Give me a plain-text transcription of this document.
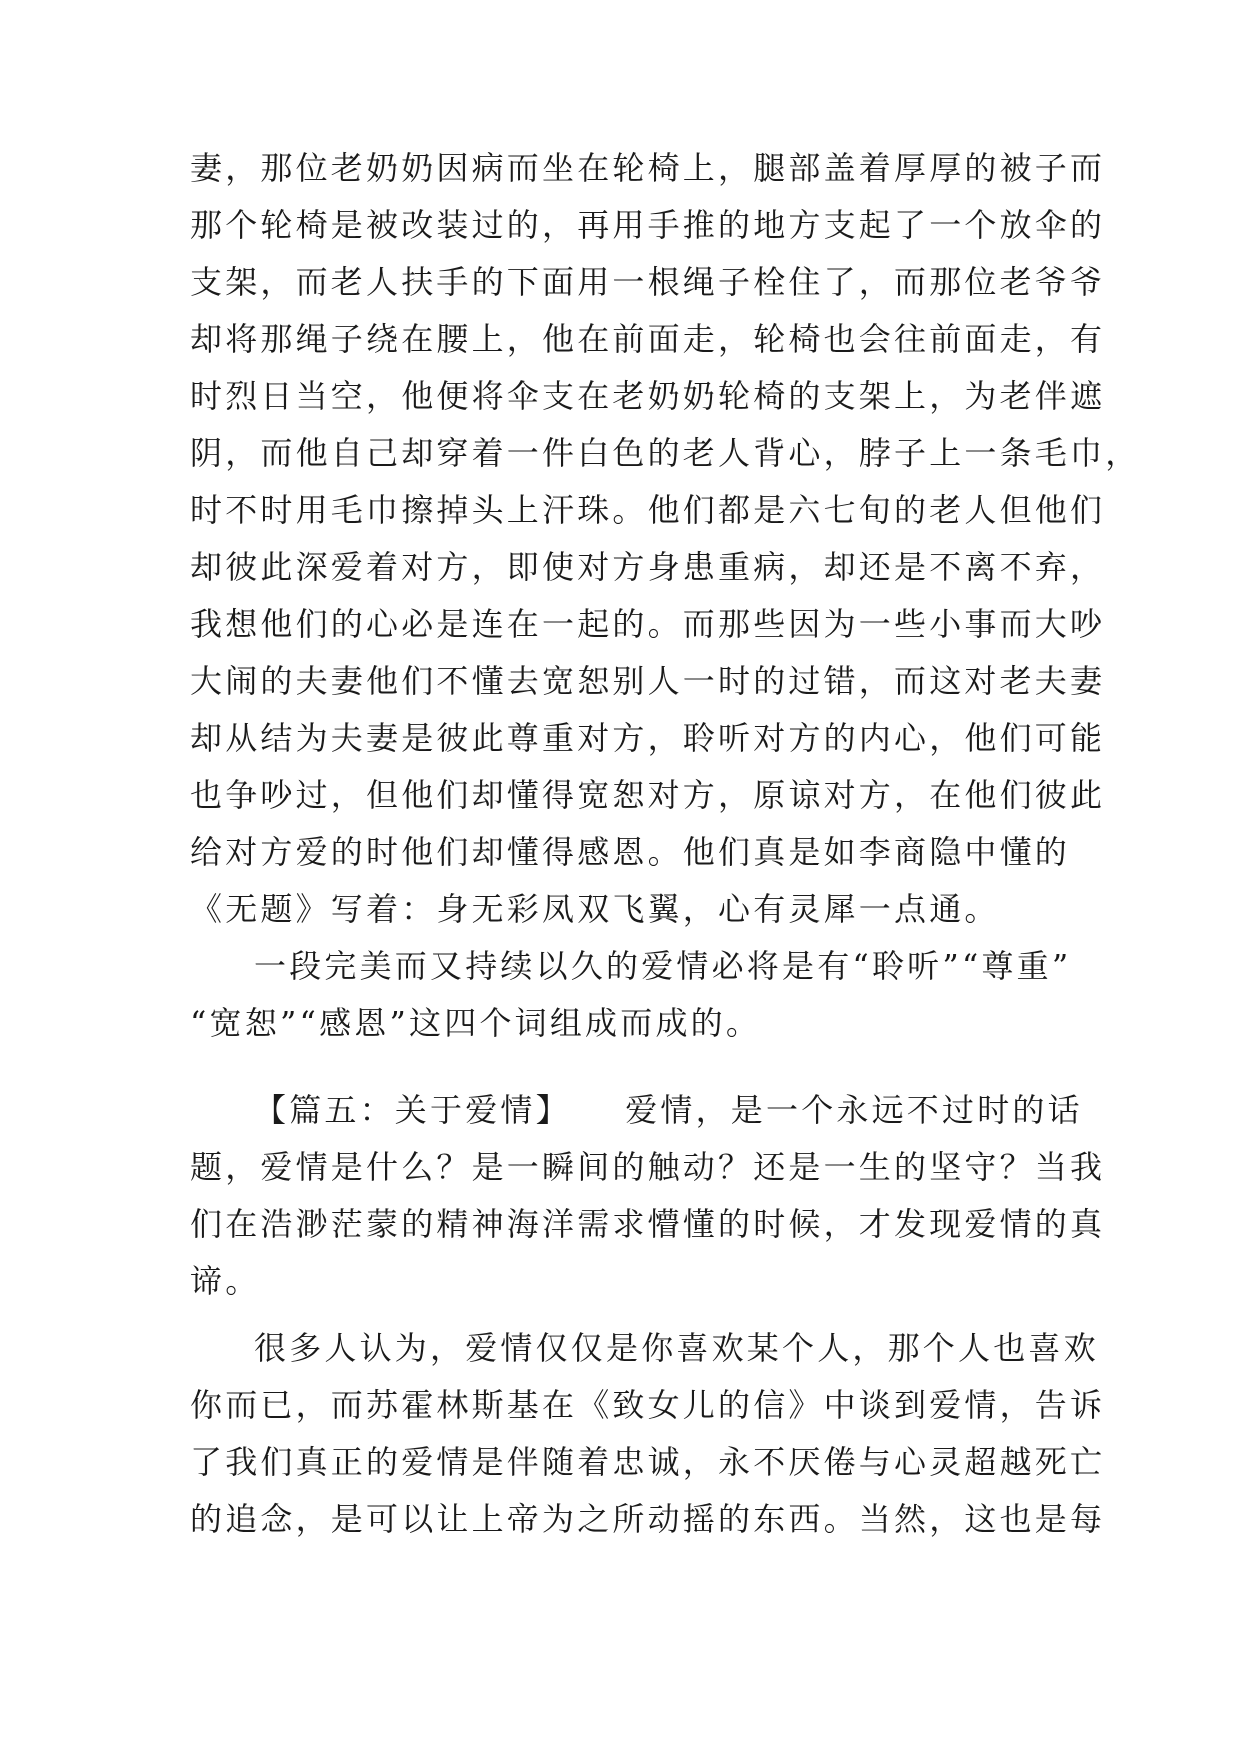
妻，那位老奶奶因病而坐在轮椅上，腿部盖着厚厚的被子而
那个轮椅是被改装过的，再用手推的地方支起了一个放伞的
支架，而老人扶手的下面用一根绳子栓住了，而那位老爷爷
却将那绳子绕在腰上，他在前面走，轮椅也会往前面走，有
时烈日当空，他便将伞支在老奶奶轮椅的支架上，为老伴遮
阴，而他自己却穿着一件白色的老人背心，脖子上一条毛巾，
时不时用毛巾擦掉头上汗珠。他们都是六七旬的老人但他们
却彼此深爱着对方，即使对方身患重病，却还是不离不弃，
我想他们的心必是连在一起的。而那些因为一些小事而大吵
大闹的夫妻他们不懂去宽恕别人一时的过错，而这对老夫妻
却从结为夫妻是彼此尊重对方，聆听对方的内心，他们可能
也争吵过，但他们却懂得宽恕对方，原谅对方，在他们彼此
给对方爱的时他们却懂得感恩。他们真是如李商隐中懂的
《无题》写着：身无彩凤双飞翼，心有灵犀一点通。
一段完美而又持续以久的爱情必将是有“聆听”“尊重”
“宽恕”“感恩”这四个词组成而成的。
【篇五：关于爱情】　　爱情，是一个永远不过时的话
题，爱情是什么？是一瞬间的触动？还是一生的坚守？当我
们在浩渺茫蒙的精神海洋需求懵懂的时候，才发现爱情的真
谛。
很多人认为，爱情仅仅是你喜欢某个人，那个人也喜欢
你而已，而苏霍林斯基在《致女儿的信》中谈到爱情，告诉
了我们真正的爱情是伴随着忠诚，永不厌倦与心灵超越死亡
的追念，是可以让上帝为之所动摇的东西。当然，这也是每
